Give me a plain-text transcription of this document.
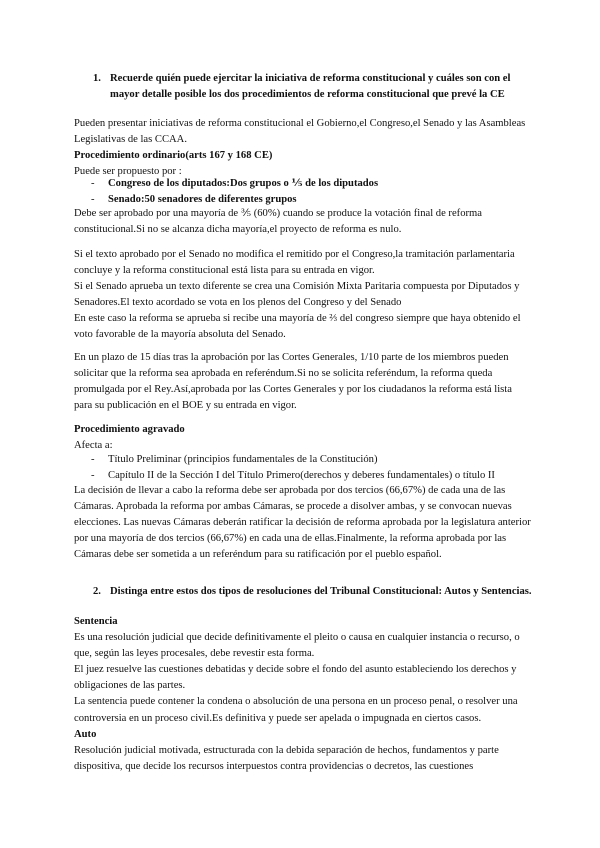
1. Recuerde quién puede ejercitar la iniciativa de reforma constitucional y cuáles son con el mayor detalle posible los dos procedimientos de reforma constitucional que prevé la CE

Pueden presentar iniciativas de reforma constitucional el Gobierno,el Congreso,el Senado y las Asambleas Legislativas de las CCAA.

Procedimiento ordinario(arts 167 y 168 CE)

Puede ser propuesto por :

- Congreso de los diputados:Dos grupos o ⅕ de los diputados
- Senado:50 senadores de diferentes grupos

Debe ser aprobado por una mayoría de ⅗ (60%) cuando se produce la votación final de reforma constitucional.Si no se alcanza dicha mayoría,el proyecto de reforma es nulo.

Si el texto aprobado por el Senado no modifica el remitido por el Congreso,la tramitación parlamentaria concluye y la reforma constitucional está lista para su entrada en vigor.

Si el Senado aprueba un texto diferente se crea una Comisión Mixta Paritaria compuesta por Diputados y Senadores.El texto acordado se vota en los plenos del Congreso y del Senado

En este caso la reforma se aprueba si recibe una mayoría de ⅔ del congreso siempre que haya obtenido el voto favorable de la mayoría absoluta del Senado.

En un plazo de 15 días tras la aprobación por las Cortes Generales, 1/10 parte de los miembros pueden solicitar que la reforma sea aprobada en referéndum.Si no se solicita referéndum, la reforma queda promulgada por el Rey.Así,aprobada por las Cortes Generales y por los ciudadanos la reforma está lista para su publicación en el BOE y su entrada en vigor.

Procedimiento agravado

Afecta a:

- Título Preliminar (principios fundamentales de la Constitución)
- Capítulo II de la Sección I del Título Primero(derechos y deberes fundamentales) o título II

La decisión de llevar a cabo la reforma debe ser aprobada por dos tercios (66,67%) de cada una de las Cámaras. Aprobada la reforma por ambas Cámaras, se procede a disolver ambas, y se convocan nuevas elecciones. Las nuevas Cámaras deberán ratificar la decisión de reforma aprobada por la legislatura anterior por una mayoría de dos tercios (66,67%) en cada una de ellas.Finalmente, la reforma aprobada por las Cámaras debe ser sometida a un referéndum para su ratificación por el pueblo español.

2. Distinga entre estos dos tipos de resoluciones del Tribunal Constitucional: Autos y Sentencias.

Sentencia

Es una resolución judicial que decide definitivamente el pleito o causa en cualquier instancia o recurso, o que, según las leyes procesales, debe revestir esta forma.

El juez resuelve las cuestiones debatidas y decide sobre el fondo del asunto estableciendo los derechos y obligaciones de las partes.

La sentencia puede contener la condena o absolución de una persona en un proceso penal, o resolver una controversia en un proceso civil.Es definitiva y puede ser apelada o impugnada en ciertos casos.

Auto

Resolución judicial motivada, estructurada con la debida separación de hechos, fundamentos y parte dispositiva, que decide los recursos interpuestos contra providencias o decretos, las cuestiones
